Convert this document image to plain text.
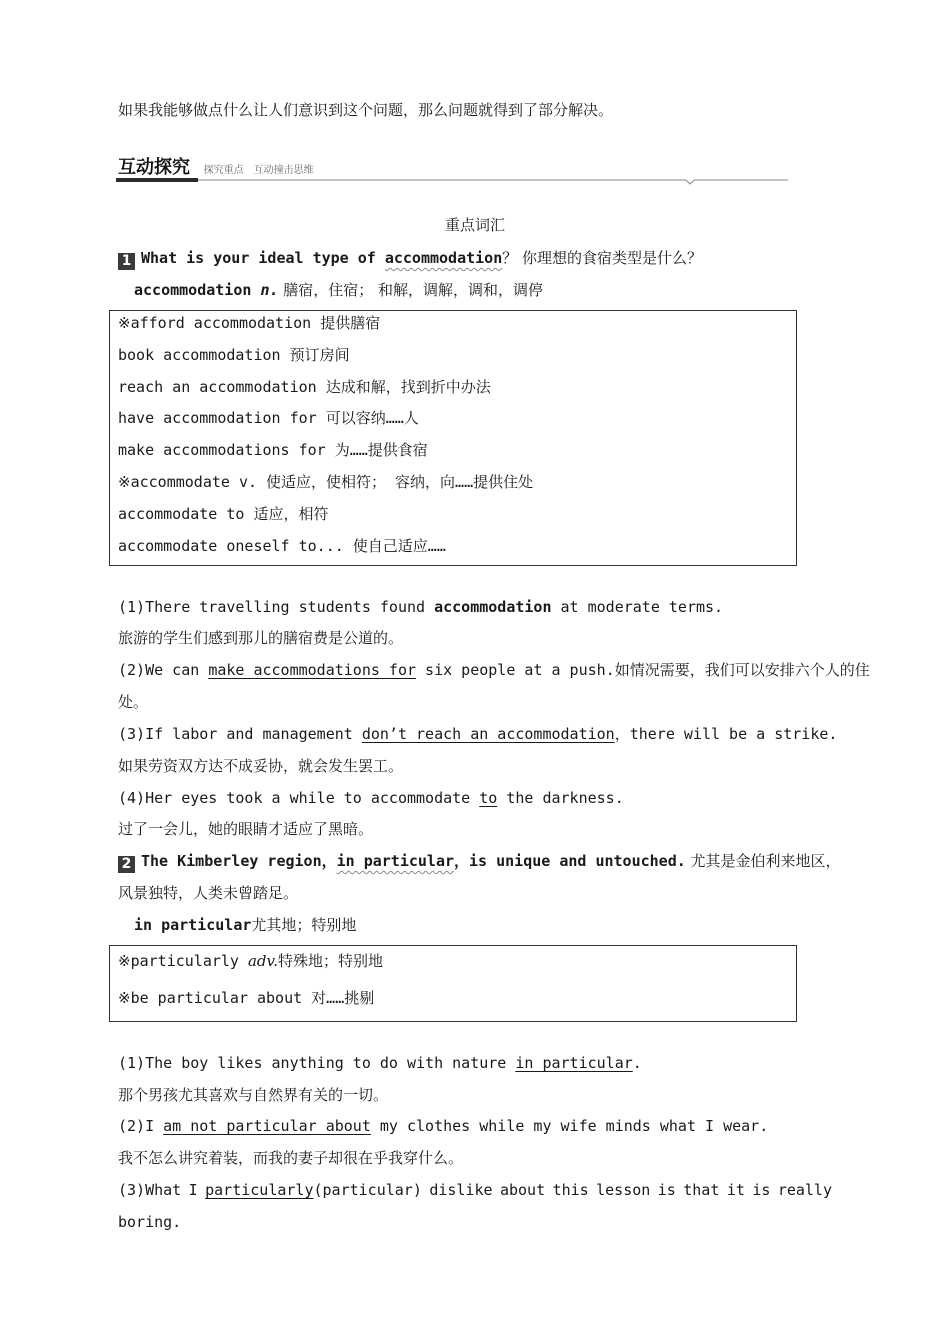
如果我能够做点什么让人们意识到这个问题，那么问题就得到了部分解决。
互动探究 探究重点　互动撞击思维
重点词汇
1 What is your ideal type of accommodation？ 你理想的食宿类型是什么？
accommodation n. 膳宿，住宿； 和解，调解，调和，调停
※afford accommodation 提供膳宿
book accommodation 预订房间
reach an accommodation 达成和解，找到折中办法
have accommodation for 可以容纳……人
make accommodations for 为……提供食宿
※accommodate v. 使适应，使相符； 容纳，向……提供住处
accommodate to 适应，相符
accommodate oneself to... 使自己适应……
(1)There travelling students found accommodation at moderate terms.
旅游的学生们感到那儿的膳宿费是公道的。
(2)We can make accommodations for six people at a push.如情况需要，我们可以安排六个人的住
处。
(3)If labor and management don’t reach an accommodation，there will be a strike.
如果劳资双方达不成妥协，就会发生罢工。
(4)Her eyes took a while to accommodate to the darkness.
过了一会儿，她的眼睛才适应了黑暗。
2 The Kimberley region，in particular，is unique and untouched. 尤其是金伯利来地区，
风景独特，人类未曾踏足。
in particular尤其地；特别地
※particularly adv.特殊地；特别地
※be particular about 对……挑剔
(1)The boy likes anything to do with nature in particular.
那个男孩尤其喜欢与自然界有关的一切。
(2)I am not particular about my clothes while my wife minds what I wear.
我不怎么讲究着装，而我的妻子却很在乎我穿什么。
(3)What I particularly(particular) dislike about this lesson is that it is really
boring.
